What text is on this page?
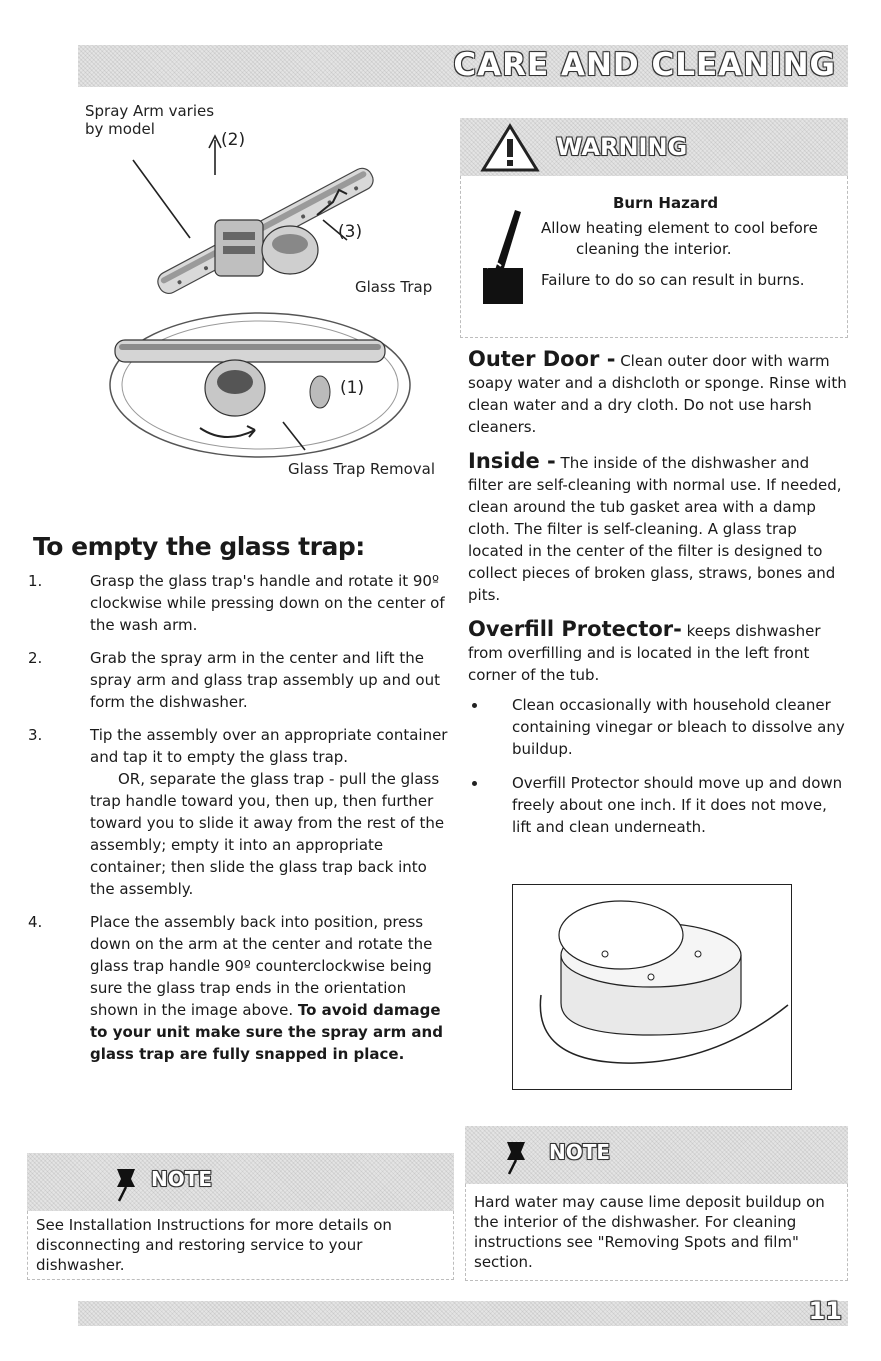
CARE AND CLEANING
Spray Arm varies
by model
(2)
(3)
Glass Trap
(1)
Glass Trap Removal
To empty the glass trap:
1.	Grasp the glass trap's handle and rotate it 90º clockwise while pressing down on the center of the wash arm.
2.	Grab the spray arm in the center and lift the spray arm and glass trap assembly up and out form the dishwasher.
3.	Tip the assembly over an appropriate container and tap it to empty the glass trap.
OR, separate the glass trap - pull the glass trap handle toward you, then up, then further toward you to slide it away from the rest of the assembly; empty it into an appropriate container; then slide the glass trap back into the assembly.
4.	Place the assembly back into position, press down on the arm at the center and rotate the glass trap handle 90º counterclockwise being sure the glass trap ends in the orientation shown in the image above. To avoid damage to your unit make sure the spray arm and glass trap are fully snapped in place.
WARNING
Burn Hazard
Allow heating element to cool before
cleaning the interior.
Failure to do so can result in burns.
Outer Door - Clean outer door with warm soapy water and a dishcloth or sponge. Rinse with clean water and a dry cloth. Do not use harsh cleaners.
Inside - The inside of the dishwasher and filter are self-cleaning with normal use. If needed, clean around the tub gasket area with a damp cloth. The filter is self-cleaning. A glass trap located in the center of the filter is designed to collect pieces of broken glass, straws, bones and pits.
Overfill Protector- keeps dishwasher from overfilling and is located in the left front corner of the tub.
Clean occasionally with household cleaner containing vinegar or bleach to dissolve any buildup.
Overfill Protector should move up and down freely about one inch. If it does not move, lift and clean underneath.
NOTE
See Installation Instructions for more details on disconnecting and restoring service to your dishwasher.
NOTE
Hard water may cause lime deposit buildup on the interior of the dishwasher. For cleaning instructions see "Removing Spots and film" section.
11
